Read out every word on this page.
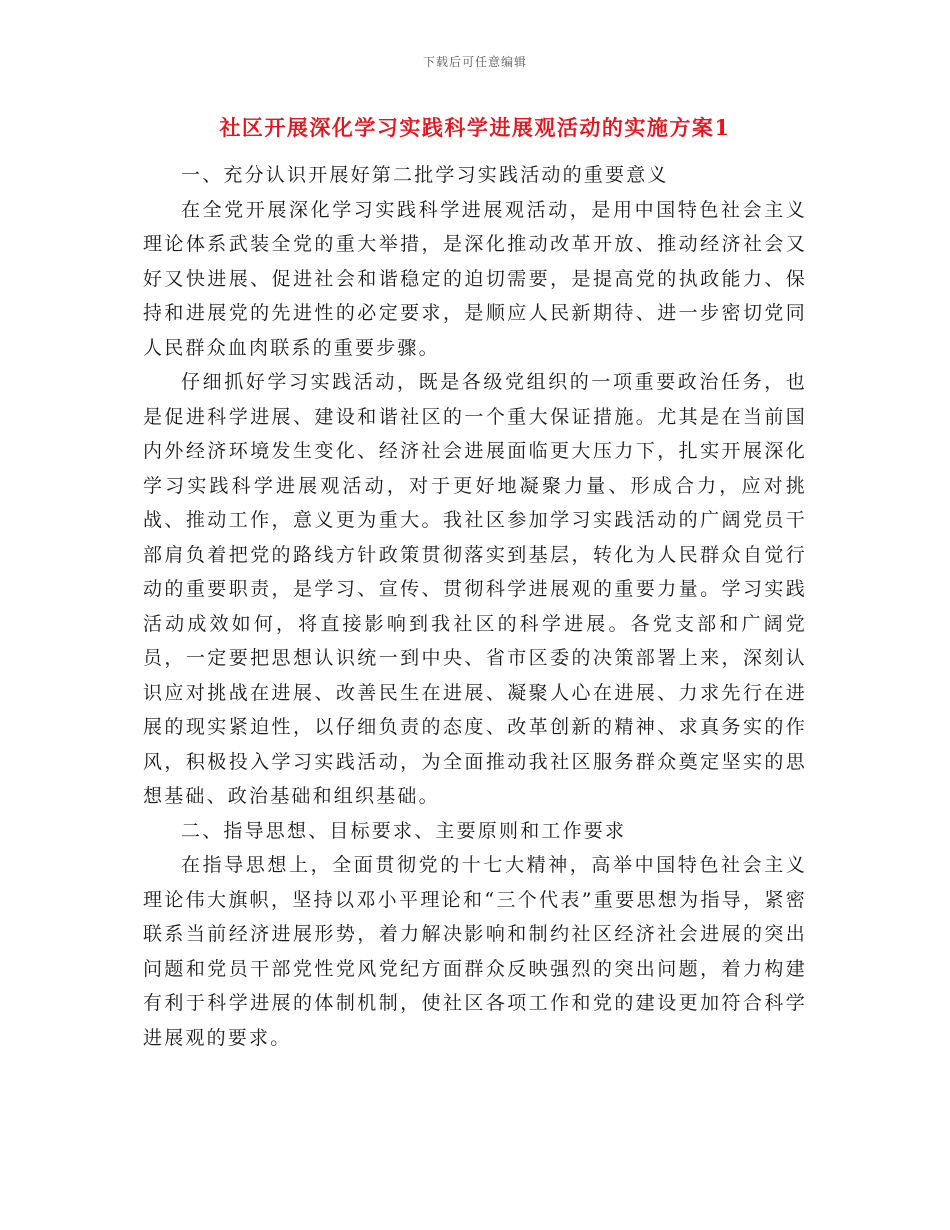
下载后可任意编辑
社区开展深化学习实践科学进展观活动的实施方案1

一、充分认识开展好第二批学习实践活动的重要意义

在全党开展深化学习实践科学进展观活动，是用中国特色社会主义理论体系武装全党的重大举措，是深化推动改革开放、推动经济社会又好又快进展、促进社会和谐稳定的迫切需要，是提高党的执政能力、保持和进展党的先进性的必定要求，是顺应人民新期待、进一步密切党同人民群众血肉联系的重要步骤。

仔细抓好学习实践活动，既是各级党组织的一项重要政治任务，也是促进科学进展、建设和谐社区的一个重大保证措施。尤其是在当前国内外经济环境发生变化、经济社会进展面临更大压力下，扎实开展深化学习实践科学进展观活动，对于更好地凝聚力量、形成合力，应对挑战、推动工作，意义更为重大。我社区参加学习实践活动的广阔党员干部肩负着把党的路线方针政策贯彻落实到基层，转化为人民群众自觉行动的重要职责，是学习、宣传、贯彻科学进展观的重要力量。学习实践活动成效如何，将直接影响到我社区的科学进展。各党支部和广阔党员，一定要把思想认识统一到中央、省市区委的决策部署上来，深刻认识应对挑战在进展、改善民生在进展、凝聚人心在进展、力求先行在进展的现实紧迫性，以仔细负责的态度、改革创新的精神、求真务实的作风，积极投入学习实践活动，为全面推动我社区服务群众奠定坚实的思想基础、政治基础和组织基础。

二、指导思想、目标要求、主要原则和工作要求

在指导思想上，全面贯彻党的十七大精神，高举中国特色社会主义理论伟大旗帜，坚持以邓小平理论和“三个代表”重要思想为指导，紧密联系当前经济进展形势，着力解决影响和制约社区经济社会进展的突出问题和党员干部党性党风党纪方面群众反映强烈的突出问题，着力构建有利于科学进展的体制机制，使社区各项工作和党的建设更加符合科学进展观的要求。
